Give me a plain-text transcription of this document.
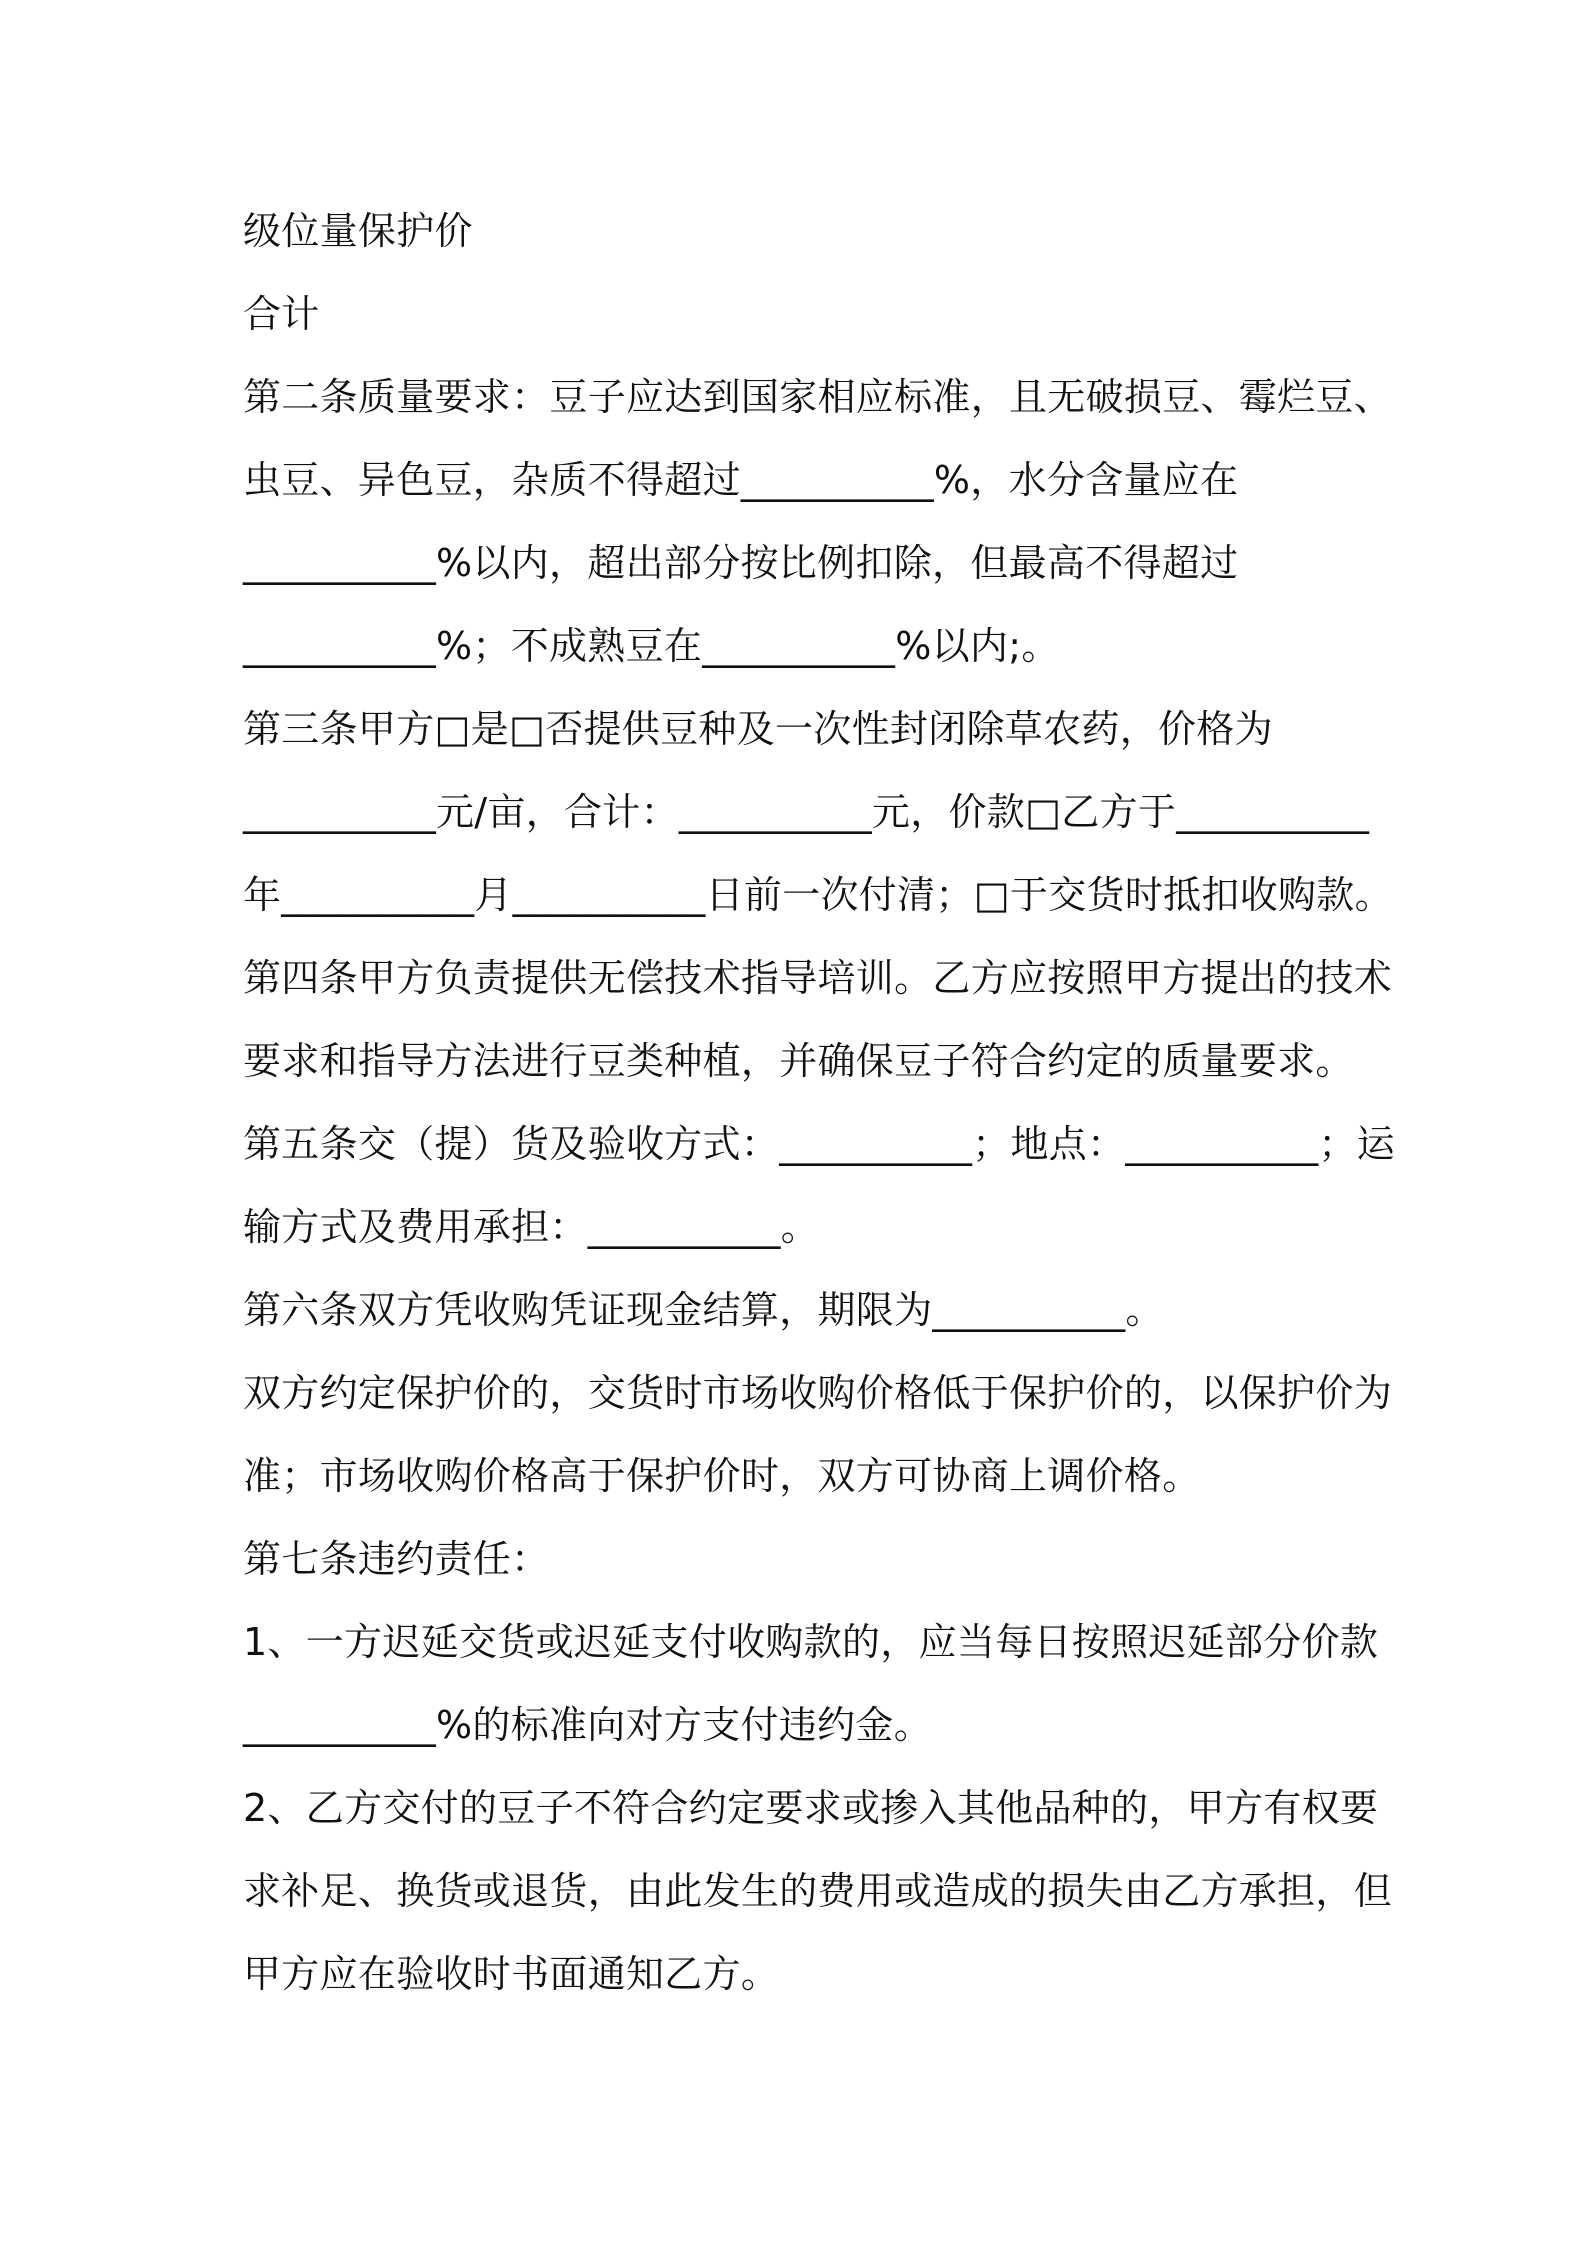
级位量保护价

合计

第二条质量要求：豆子应达到国家相应标准，且无破损豆、霉烂豆、

虫豆、异色豆，杂质不得超过__________%，水分含量应在

__________%以内，超出部分按比例扣除，但最高不得超过

__________%；不成熟豆在__________%以内;。

第三条甲方□是□否提供豆种及一次性封闭除草农药，价格为

__________元/亩，合计：__________元，价款□乙方于__________

年__________月__________日前一次付清；□于交货时抵扣收购款。

第四条甲方负责提供无偿技术指导培训。乙方应按照甲方提出的技术

要求和指导方法进行豆类种植，并确保豆子符合约定的质量要求。

第五条交（提）货及验收方式：__________；地点：__________；运

输方式及费用承担：__________。

第六条双方凭收购凭证现金结算，期限为__________。

双方约定保护价的，交货时市场收购价格低于保护价的，以保护价为

准；市场收购价格高于保护价时，双方可协商上调价格。

第七条违约责任：

1、一方迟延交货或迟延支付收购款的，应当每日按照迟延部分价款

__________%的标准向对方支付违约金。

2、乙方交付的豆子不符合约定要求或掺入其他品种的，甲方有权要

求补足、换货或退货，由此发生的费用或造成的损失由乙方承担，但

甲方应在验收时书面通知乙方。
